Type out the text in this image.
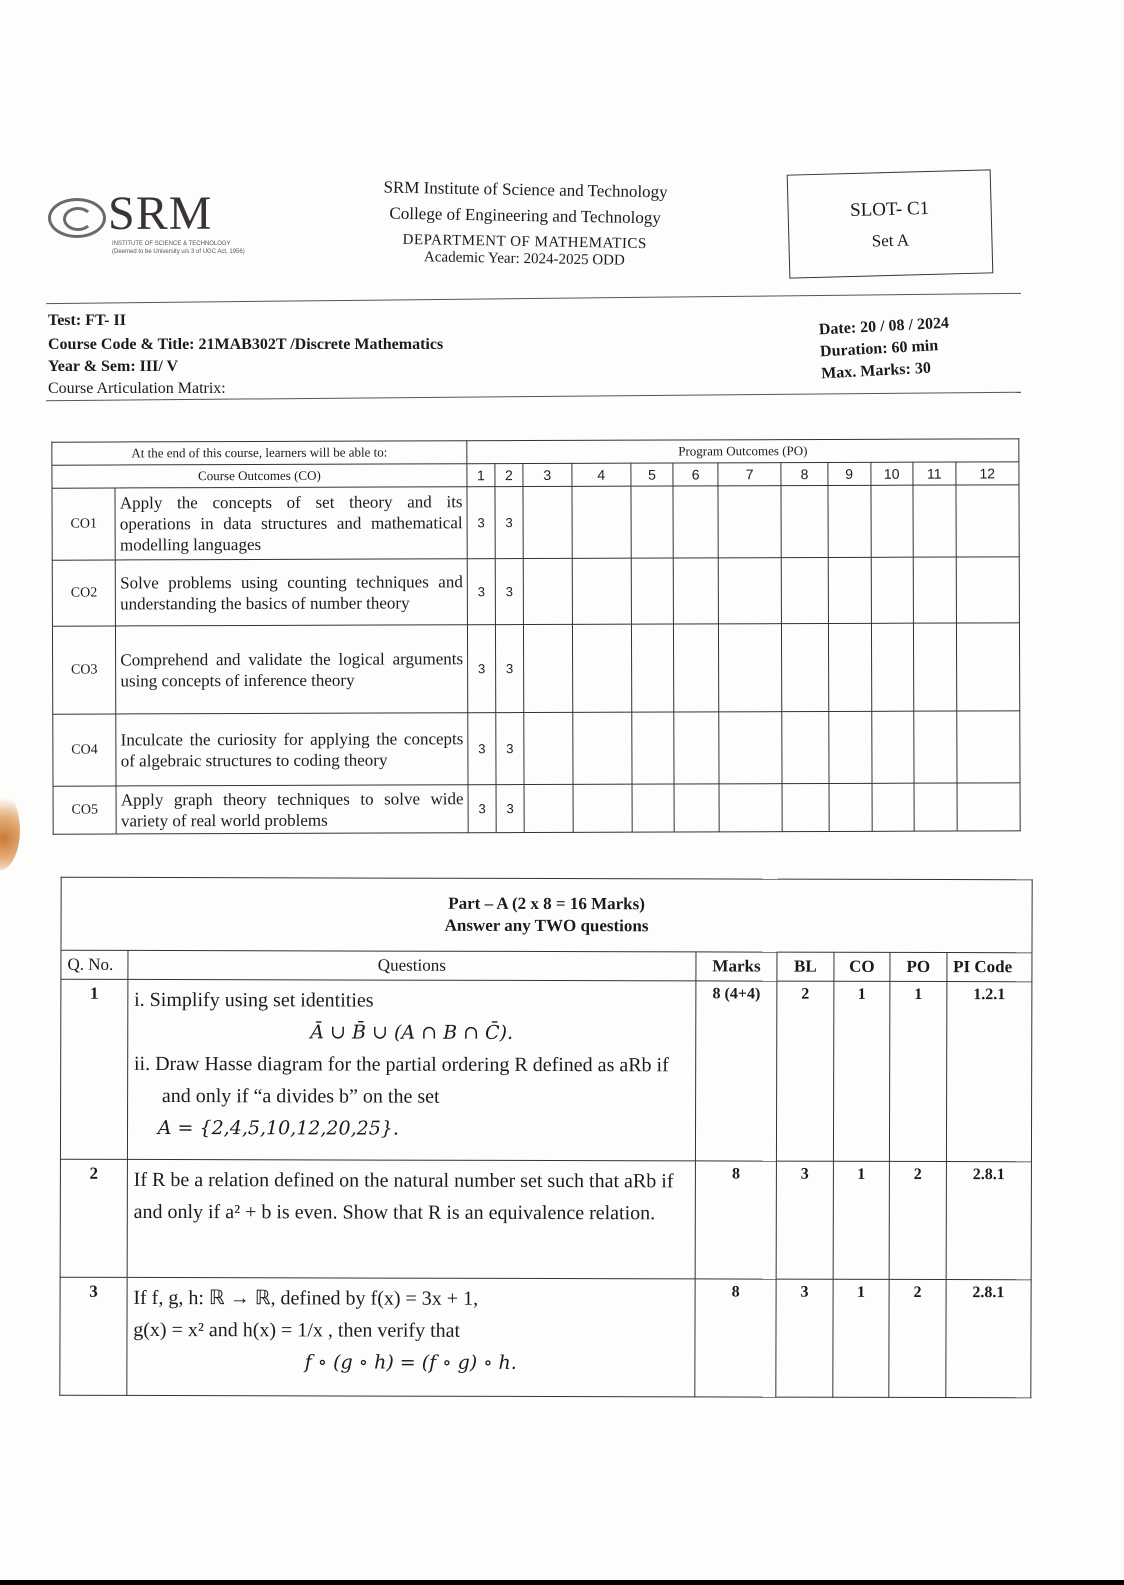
SRM
INSTITUTE OF SCIENCE & TECHNOLOGY
(Deemed to be University u/s 3 of UGC Act, 1956)
SRM Institute of Science and Technology
College of Engineering and Technology
DEPARTMENT OF MATHEMATICS
Academic Year: 2024-2025 ODD
SLOT- C1
Set A
Test: FT- II
Course Code & Title: 21MAB302T /Discrete Mathematics
Year & Sem: III/ V
Course Articulation Matrix:
Date: 20 / 08 / 2024
Duration: 60 min
Max. Marks: 30
At the end of this course, learners will be able to:		Program Outcomes (PO)											
Course Outcomes (CO)		1	2	3	4	5	6	7	8	9	10	11	12
CO1	Apply the concepts of set theory and its operations in data structures and mathematical modelling languages	3	3										
CO2	Solve problems using counting techniques and understanding the basics of number theory	3	3										
CO3	Comprehend and validate the logical arguments using concepts of inference theory	3	3										
CO4	Inculcate the curiosity for applying the concepts of algebraic structures to coding theory	3	3										
CO5	Apply graph theory techniques to solve wide variety of real world problems	3	3										
Part – A (2 x 8 = 16 Marks)
Answer any TWO questions						

Q. No.	Questions	Marks	BL	CO	PO	PI Code
1	i. Simplify using set identities
Ā ∪ B̄ ∪ (A ∩ B ∩ C̄).
ii. Draw Hasse diagram for the partial ordering R defined as aRb if and only if “a divides b” on the set
A = {2,4,5,10,12,20,25}.	8 (4+4)	2	1	1	1.2.1
2	If R be a relation defined on the natural number set such that aRb if and only if a² + b is even. Show that R is an equivalence relation.	8	3	1	2	2.8.1
3	If f, g, h: ℝ → ℝ, defined by f(x) = 3x + 1,
g(x) = x² and h(x) = 1/x , then verify that
f ∘ (g ∘ h) = (f ∘ g) ∘ h.	8	3	1	2	2.8.1
